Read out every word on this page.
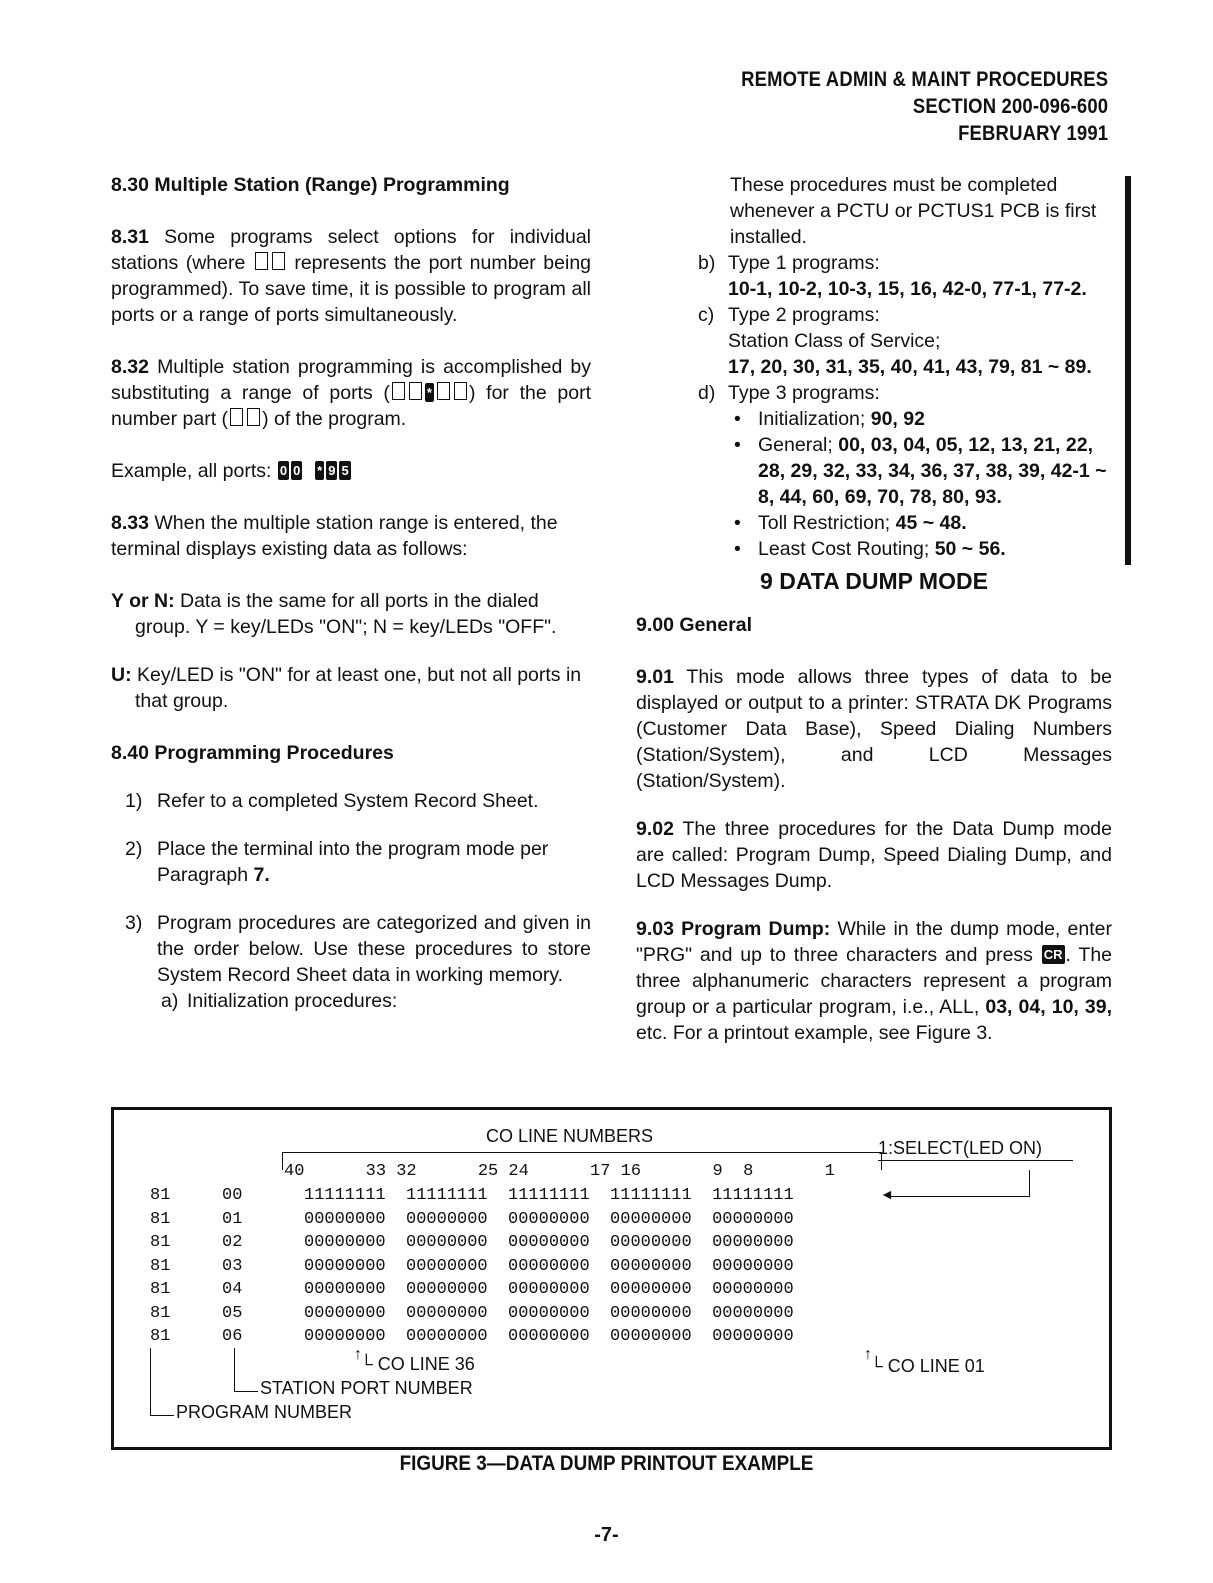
REMOTE ADMIN & MAINT PROCEDURES
SECTION 200-096-600
FEBRUARY 1991

8.30 Multiple Station (Range) Programming

8.31 Some programs select options for individual stations (where	represents the port number being programmed). To save time, it is possible to program all ports or a range of ports simultaneously.

8.32 Multiple station programming is accomplished by substituting a range of ports (	* ) for the port number part ( ) of the program.

Example, all ports: 0 0 * 9 5

8.33 When the multiple station range is entered, the terminal displays existing data as follows:

Y or N: Data is the same for all ports in the dialed group. Y = key/LEDs "ON"; N = key/LEDs "OFF".

U: Key/LED is "ON" for at least one, but not all ports in that group.

8.40 Programming Procedures

1) Refer to a completed System Record Sheet.

2) Place the terminal into the program mode per Paragraph 7.

3) Program procedures are categorized and given in the order below. Use these procedures to store System Record Sheet data in working memory.

a) Initialization procedures:

These procedures must be completed whenever a PCTU or PCTUS1 PCB is first installed.

b) Type 1 programs:
10-1, 10-2, 10-3, 15, 16, 42-0, 77-1, 77-2.

c) Type 2 programs:
Station Class of Service;
17, 20, 30, 31, 35, 40, 41, 43, 79, 81 ~ 89.

d) Type 3 programs:

• Initialization; 90, 92

• General; 00, 03, 04, 05, 12, 13, 21, 22, 28, 29, 32, 33, 34, 36, 37, 38, 39, 42-1 ~ 8, 44, 60, 69, 70, 78, 80, 93.

• Toll Restriction; 45 ~ 48.

• Least Cost Routing; 50 ~ 56.

9 DATA DUMP MODE

9.00 General

9.01 This mode allows three types of data to be displayed or output to a printer: STRATA DK Programs (Customer Data Base), Speed Dialing Numbers (Station/System), and LCD Messages (Station/System).

9.02 The three procedures for the Data Dump mode are called: Program Dump, Speed Dialing Dump, and LCD Messages Dump.

9.03 Program Dump: While in the dump mode, enter "PRG" and up to three characters and press CR . The three alphanumeric characters represent a program group or a particular program, i.e., ALL, 03, 04, 10, 39, etc. For a printout example, see Figure 3.

CO LINE NUMBERS
1:SELECT(LED ON)
40      33 32      25 24      17 16       9  8       1
81	00	11111111  11111111  11111111  11111111  11111111
81	01	00000000  00000000  00000000  00000000  00000000
81	02	00000000  00000000  00000000  00000000  00000000
81	03	00000000  00000000  00000000  00000000  00000000
81	04	00000000  00000000  00000000  00000000  00000000
81	05	00000000  00000000  00000000  00000000  00000000
81	06	00000000  00000000  00000000  00000000  00000000
◄
↑
└ CO LINE 36	↑
└ CO LINE 01
STATION PORT NUMBER
PROGRAM NUMBER
FIGURE 3—DATA DUMP PRINTOUT EXAMPLE
-7-
